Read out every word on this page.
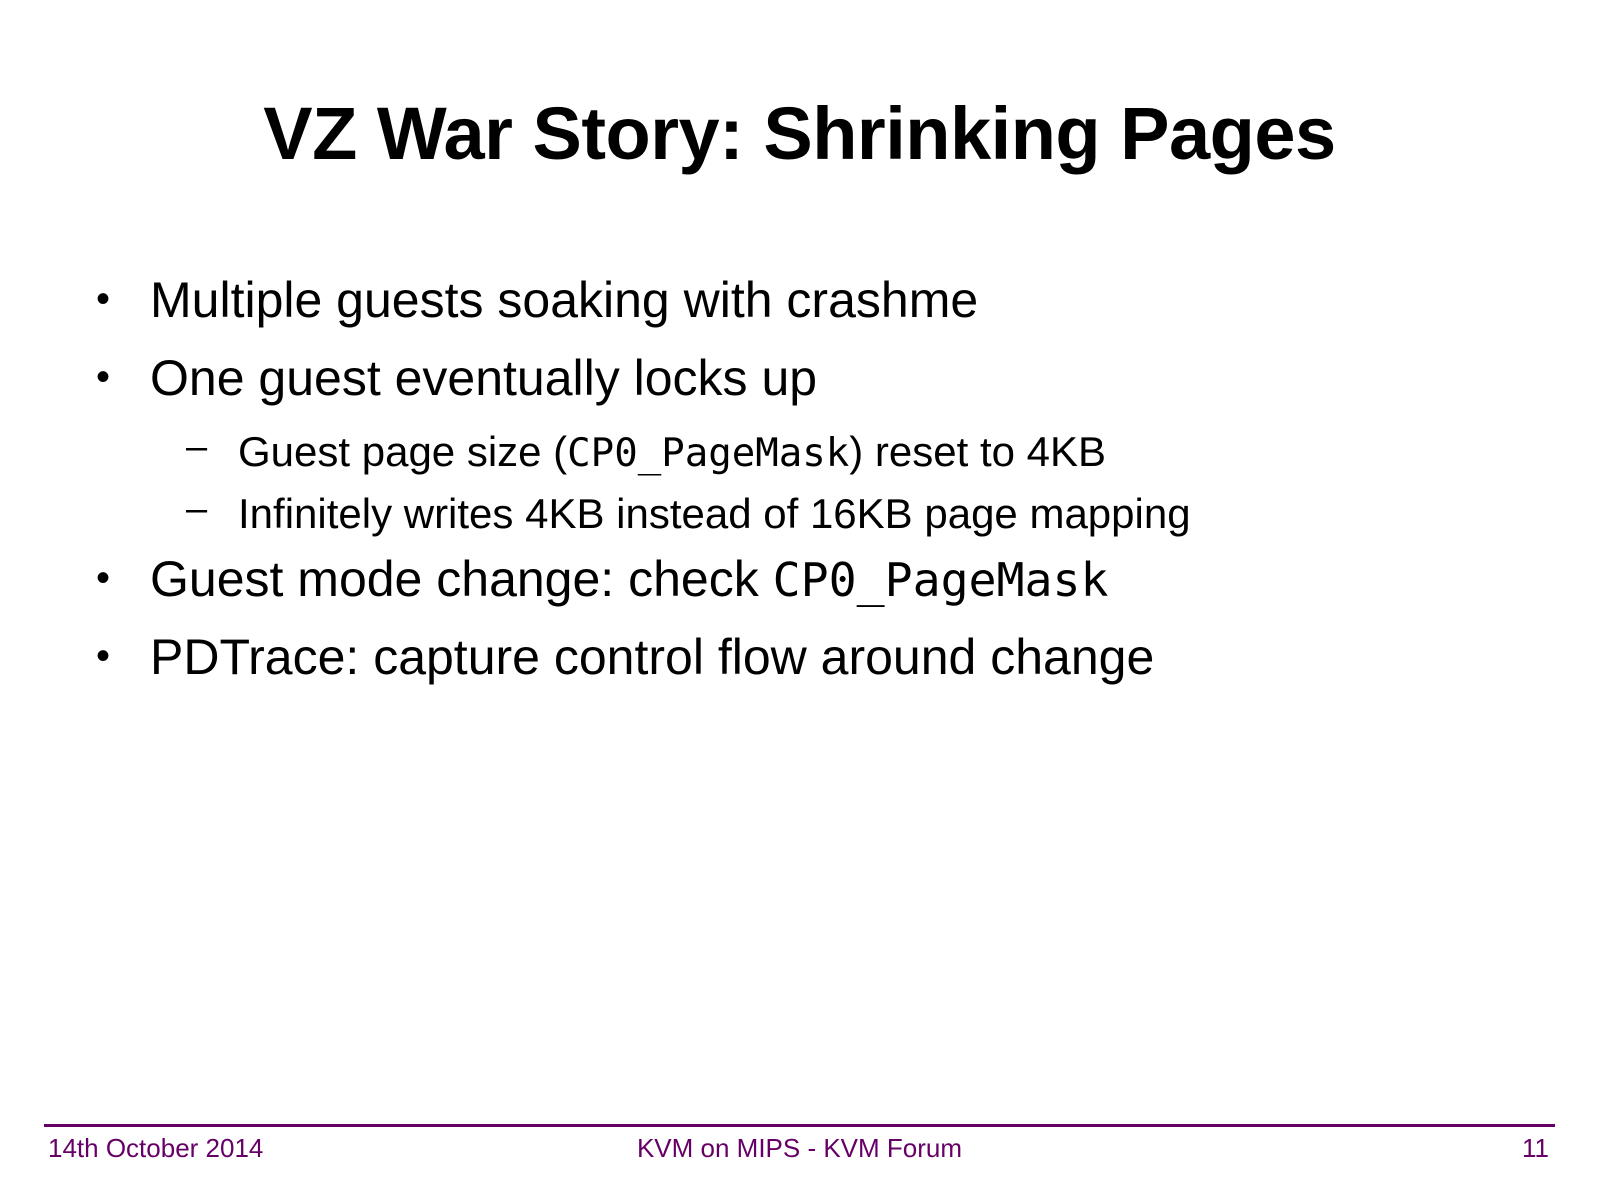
VZ War Story: Shrinking Pages
• Multiple guests soaking with crashme
• One guest eventually locks up
– Guest page size (CP0_PageMask) reset to 4KB
– Infinitely writes 4KB instead of 16KB page mapping
• Guest mode change: check CP0_PageMask
• PDTrace: capture control flow around change
14th October 2014	KVM on MIPS - KVM Forum	11
